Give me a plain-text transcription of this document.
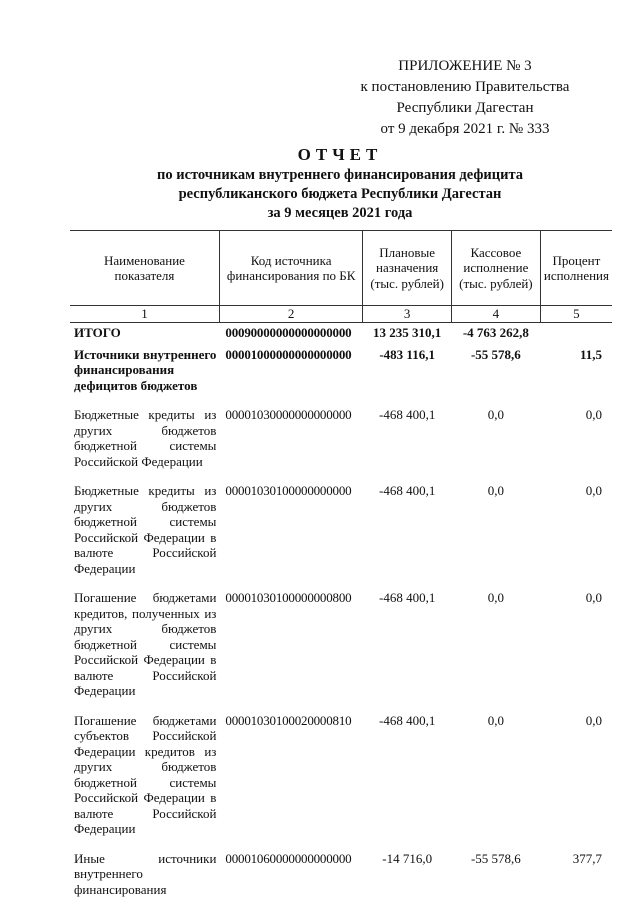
ПРИЛОЖЕНИЕ № 3
к постановлению Правительства
Республики Дагестан
от 9 декабря 2021 г. № 333
ОТЧЕТ
по источникам внутреннего финансирования дефицита
республиканского бюджета Республики Дагестан
за 9 месяцев 2021 года
Наименование показателя	Код источника финансирования по БК	Плановые назначения (тыс. рублей)	Кассовое исполнение (тыс. рублей)	Процент исполнения
1	2	3	4	5
ИТОГО	00090000000000000000	13 235 310,1	-4 763 262,8	
Источники внутреннего финансирования дефицитов бюджетов	00001000000000000000	-483 116,1	-55 578,6	11,5
Бюджетные кредиты из других бюджетов бюджетной системы Российской Федерации	00001030000000000000	-468 400,1	0,0	0,0
Бюджетные кредиты из других бюджетов бюджетной системы Российской Федерации в валюте Российской Федерации	00001030100000000000	-468 400,1	0,0	0,0
Погашение бюджетами кредитов, полученных из других бюджетов бюджетной системы Российской Федерации в валюте Российской Федерации	00001030100000000800	-468 400,1	0,0	0,0
Погашение бюджетами субъектов Российской Федерации кредитов из других бюджетов бюджетной системы Российской Федерации в валюте Российской Федерации	00001030100020000810	-468 400,1	0,0	0,0
Иные источники внутреннего финансирования	00001060000000000000	-14 716,0	-55 578,6	377,7
